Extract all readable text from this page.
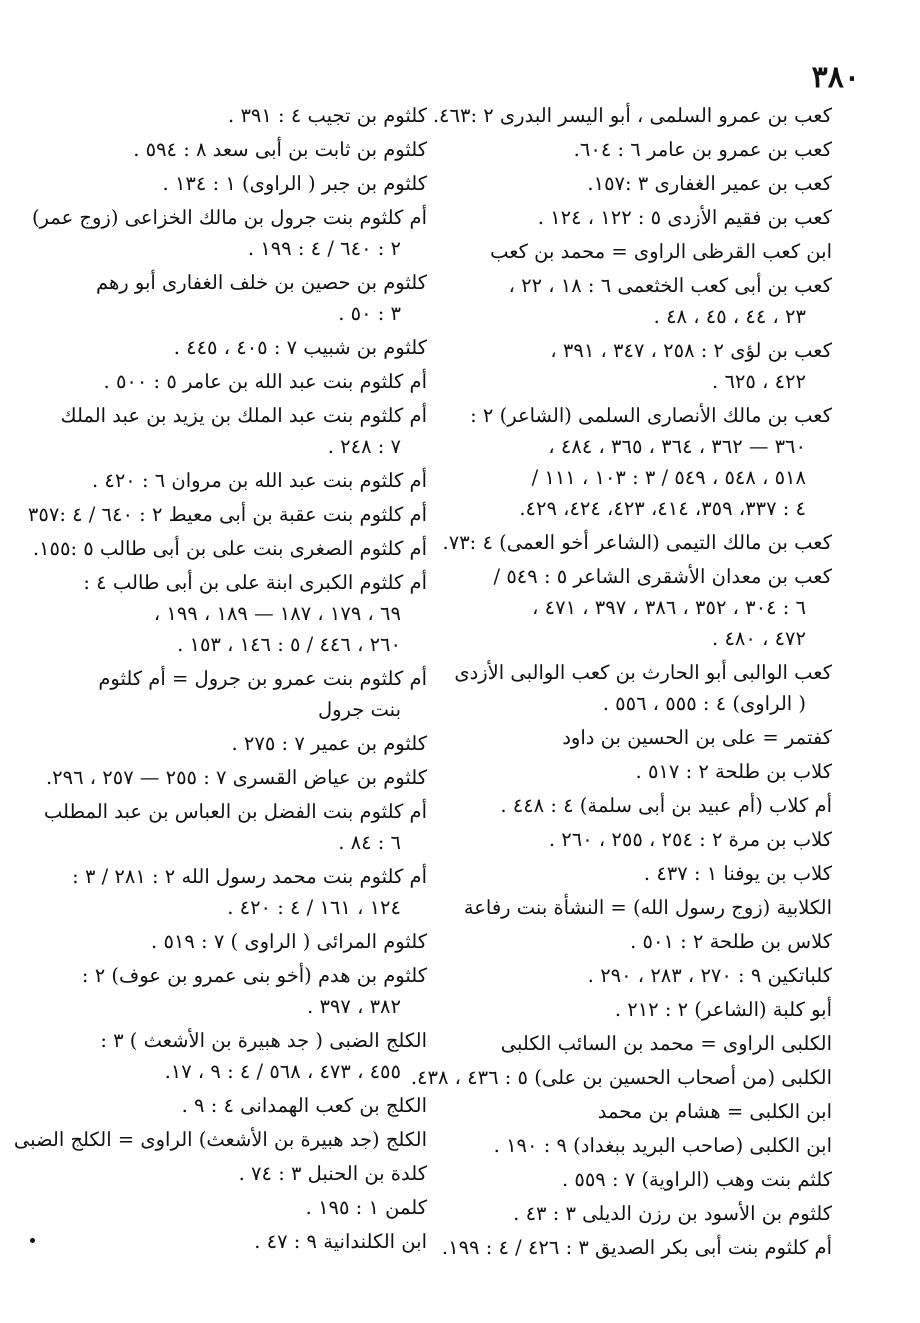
٣٨٠
كعب بن عمرو السلمى ، أبو اليسر البدرى ٢ :٤٦٣.
كعب بن عمرو بن عامر ٦ : ٦٠٤.
كعب بن عمير الغفارى ٣ :١٥٧.
كعب بن فقيم الأزدى ٥ : ١٢٢ ، ١٢٤ .
ابن كعب القرظى الراوى = محمد بن كعب
كعب بن أبى كعب الخثعمى ٦ : ١٨ ، ٢٢ ،
٢٣ ، ٤٤ ، ٤٥ ، ٤٨ .
كعب بن لؤى ٢ : ٢٥٨ ، ٣٤٧ ، ٣٩١ ،
٤٢٢ ، ٦٢٥ .
كعب بن مالك الأنصارى السلمى (الشاعر) ٢ :
٣٦٠ — ٣٦٢ ، ٣٦٤ ، ٣٦٥ ، ٤٨٤ ،
٥١٨ ، ٥٤٨ ، ٥٤٩ / ٣ : ١٠٣ ، ١١١ /
٤ : ٣٣٧، ٣٥٩، ٤١٤، ٤٢٣، ٤٢٤، ٤٢٩.
كعب بن مالك التيمى (الشاعر أخو العمى) ٤ :٧٣.
كعب بن معدان الأشقرى الشاعر ٥ : ٥٤٩ /
٦ : ٣٠٤ ، ٣٥٢ ، ٣٨٦ ، ٣٩٧ ، ٤٧١ ،
٤٧٢ ، ٤٨٠ .
كعب الوالبى أبو الحارث بن كعب الوالبى الأزدى
( الراوى) ٤ : ٥٥٥ ، ٥٥٦ .
كفتمر = على بن الحسين بن داود
كلاب بن طلحة ٢ : ٥١٧ .
أم كلاب (أم عبيد بن أبى سلمة) ٤ : ٤٤٨ .
كلاب بن مرة ٢ : ٢٥٤ ، ٢٥٥ ، ٢٦٠ .
كلاب بن يوفنا ١ : ٤٣٧ .
الكلابية (زوج رسول الله) = النشأة بنت رفاعة
كلاس بن طلحة ٢ : ٥٠١ .
كلباتكين ٩ : ٢٧٠ ، ٢٨٣ ، ٢٩٠ .
أبو كلبة (الشاعر) ٢ : ٢١٢ .
الكلبى الراوى = محمد بن السائب الكلبى
الكلبى (من أصحاب الحسين بن على) ٥ : ٤٣٦ ، ٤٣٨.
ابن الكلبى = هشام بن محمد
ابن الكلبى (صاحب البريد ببغداد) ٩ : ١٩٠ .
كلثم بنت وهب (الراوية) ٧ : ٥٥٩ .
كلثوم بن الأسود بن رزن الديلى ٣ : ٤٣ .
أم كلثوم بنت أبى بكر الصديق ٣ : ٤٢٦ / ٤ : ١٩٩.
كلثوم بن تجيب ٤ : ٣٩١ .
كلثوم بن ثابت بن أبى سعد ٨ : ٥٩٤ .
كلثوم بن جبر ( الراوى) ١ : ١٣٤ .
أم كلثوم بنت جرول بن مالك الخزاعى (زوج عمر)
٢ : ٦٤٠ / ٤ : ١٩٩ .
كلثوم بن حصين بن خلف الغفارى أبو رهم
٣ : ٥٠ .
كلثوم بن شبيب ٧ : ٤٠٥ ، ٤٤٥ .
أم كلثوم بنت عبد الله بن عامر ٥ : ٥٠٠ .
أم كلثوم بنت عبد الملك بن يزيد بن عبد الملك
٧ : ٢٤٨ .
أم كلثوم بنت عبد الله بن مروان ٦ : ٤٢٠ .
أم كلثوم بنت عقبة بن أبى معيط ٢ : ٦٤٠ / ٤ :٣٥٧
أم كلثوم الصغرى بنت على بن أبى طالب ٥ :١٥٥.
أم كلثوم الكبرى ابنة على بن أبى طالب ٤ :
٦٩ ، ١٧٩ ، ١٨٧ — ١٨٩ ، ١٩٩ ،
٢٦٠ ، ٤٤٦ / ٥ : ١٤٦ ، ١٥٣ .
أم كلثوم بنت عمرو بن جرول = أم كلثوم
بنت جرول
كلثوم بن عمير ٧ : ٢٧٥ .
كلثوم بن عياض القسرى ٧ : ٢٥٥ — ٢٥٧ ، ٢٩٦.
أم كلثوم بنت الفضل بن العباس بن عبد المطلب
٦ : ٨٤ .
أم كلثوم بنت محمد رسول الله ٢ : ٢٨١ / ٣ :
١٢٤ ، ١٦١ / ٤ : ٤٢٠ .
كلثوم المرائى ( الراوى ) ٧ : ٥١٩ .
كلثوم بن هدم (أخو بنى عمرو بن عوف) ٢ :
٣٨٢ ، ٣٩٧ .
الكلج الضبى ( جد هبيرة بن الأشعث ) ٣ :
٤٥٥ ، ٤٧٣ ، ٥٦٨ / ٤ : ٩ ، ١٧.
الكلج بن كعب الهمدانى ٤ : ٩ .
الكلج (جد هبيرة بن الأشعث) الراوى = الكلج الضبى
كلدة بن الحنبل ٣ : ٧٤ .
كلمن ١ : ١٩٥ .
ابن الكلندانية ٩ : ٤٧ .
